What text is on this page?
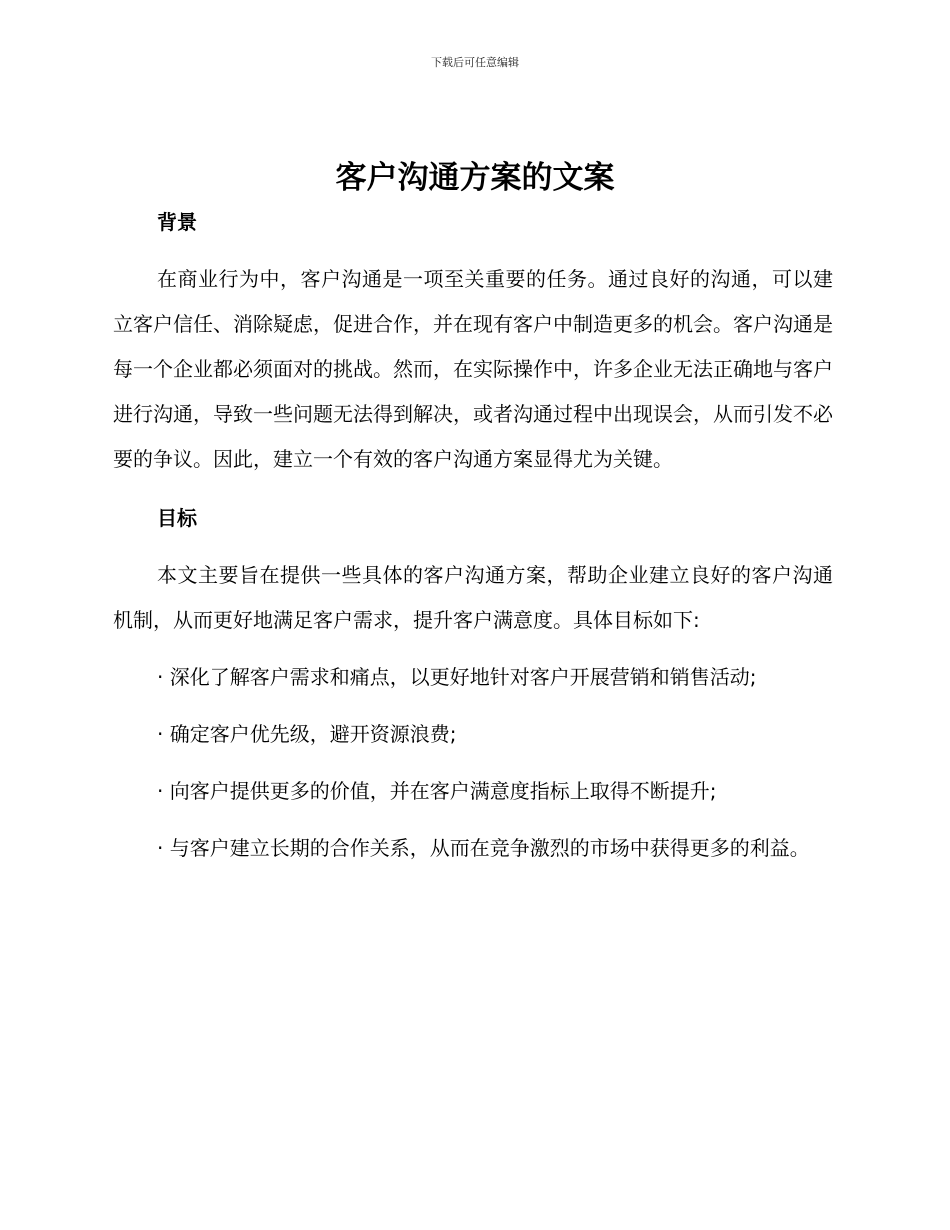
下载后可任意编辑
客户沟通方案的文案

背景

在商业行为中，客户沟通是一项至关重要的任务。通过良好的沟通，可以建立客户信任、消除疑虑，促进合作，并在现有客户中制造更多的机会。客户沟通是每一个企业都必须面对的挑战。然而，在实际操作中，许多企业无法正确地与客户进行沟通，导致一些问题无法得到解决，或者沟通过程中出现误会，从而引发不必要的争议。因此，建立一个有效的客户沟通方案显得尤为关键。

目标

本文主要旨在提供一些具体的客户沟通方案，帮助企业建立良好的客户沟通机制，从而更好地满足客户需求，提升客户满意度。具体目标如下:

· 深化了解客户需求和痛点，以更好地针对客户开展营销和销售活动;

· 确定客户优先级，避开资源浪费;

· 向客户提供更多的价值，并在客户满意度指标上取得不断提升;

· 与客户建立长期的合作关系，从而在竞争激烈的市场中获得更多的利益。
